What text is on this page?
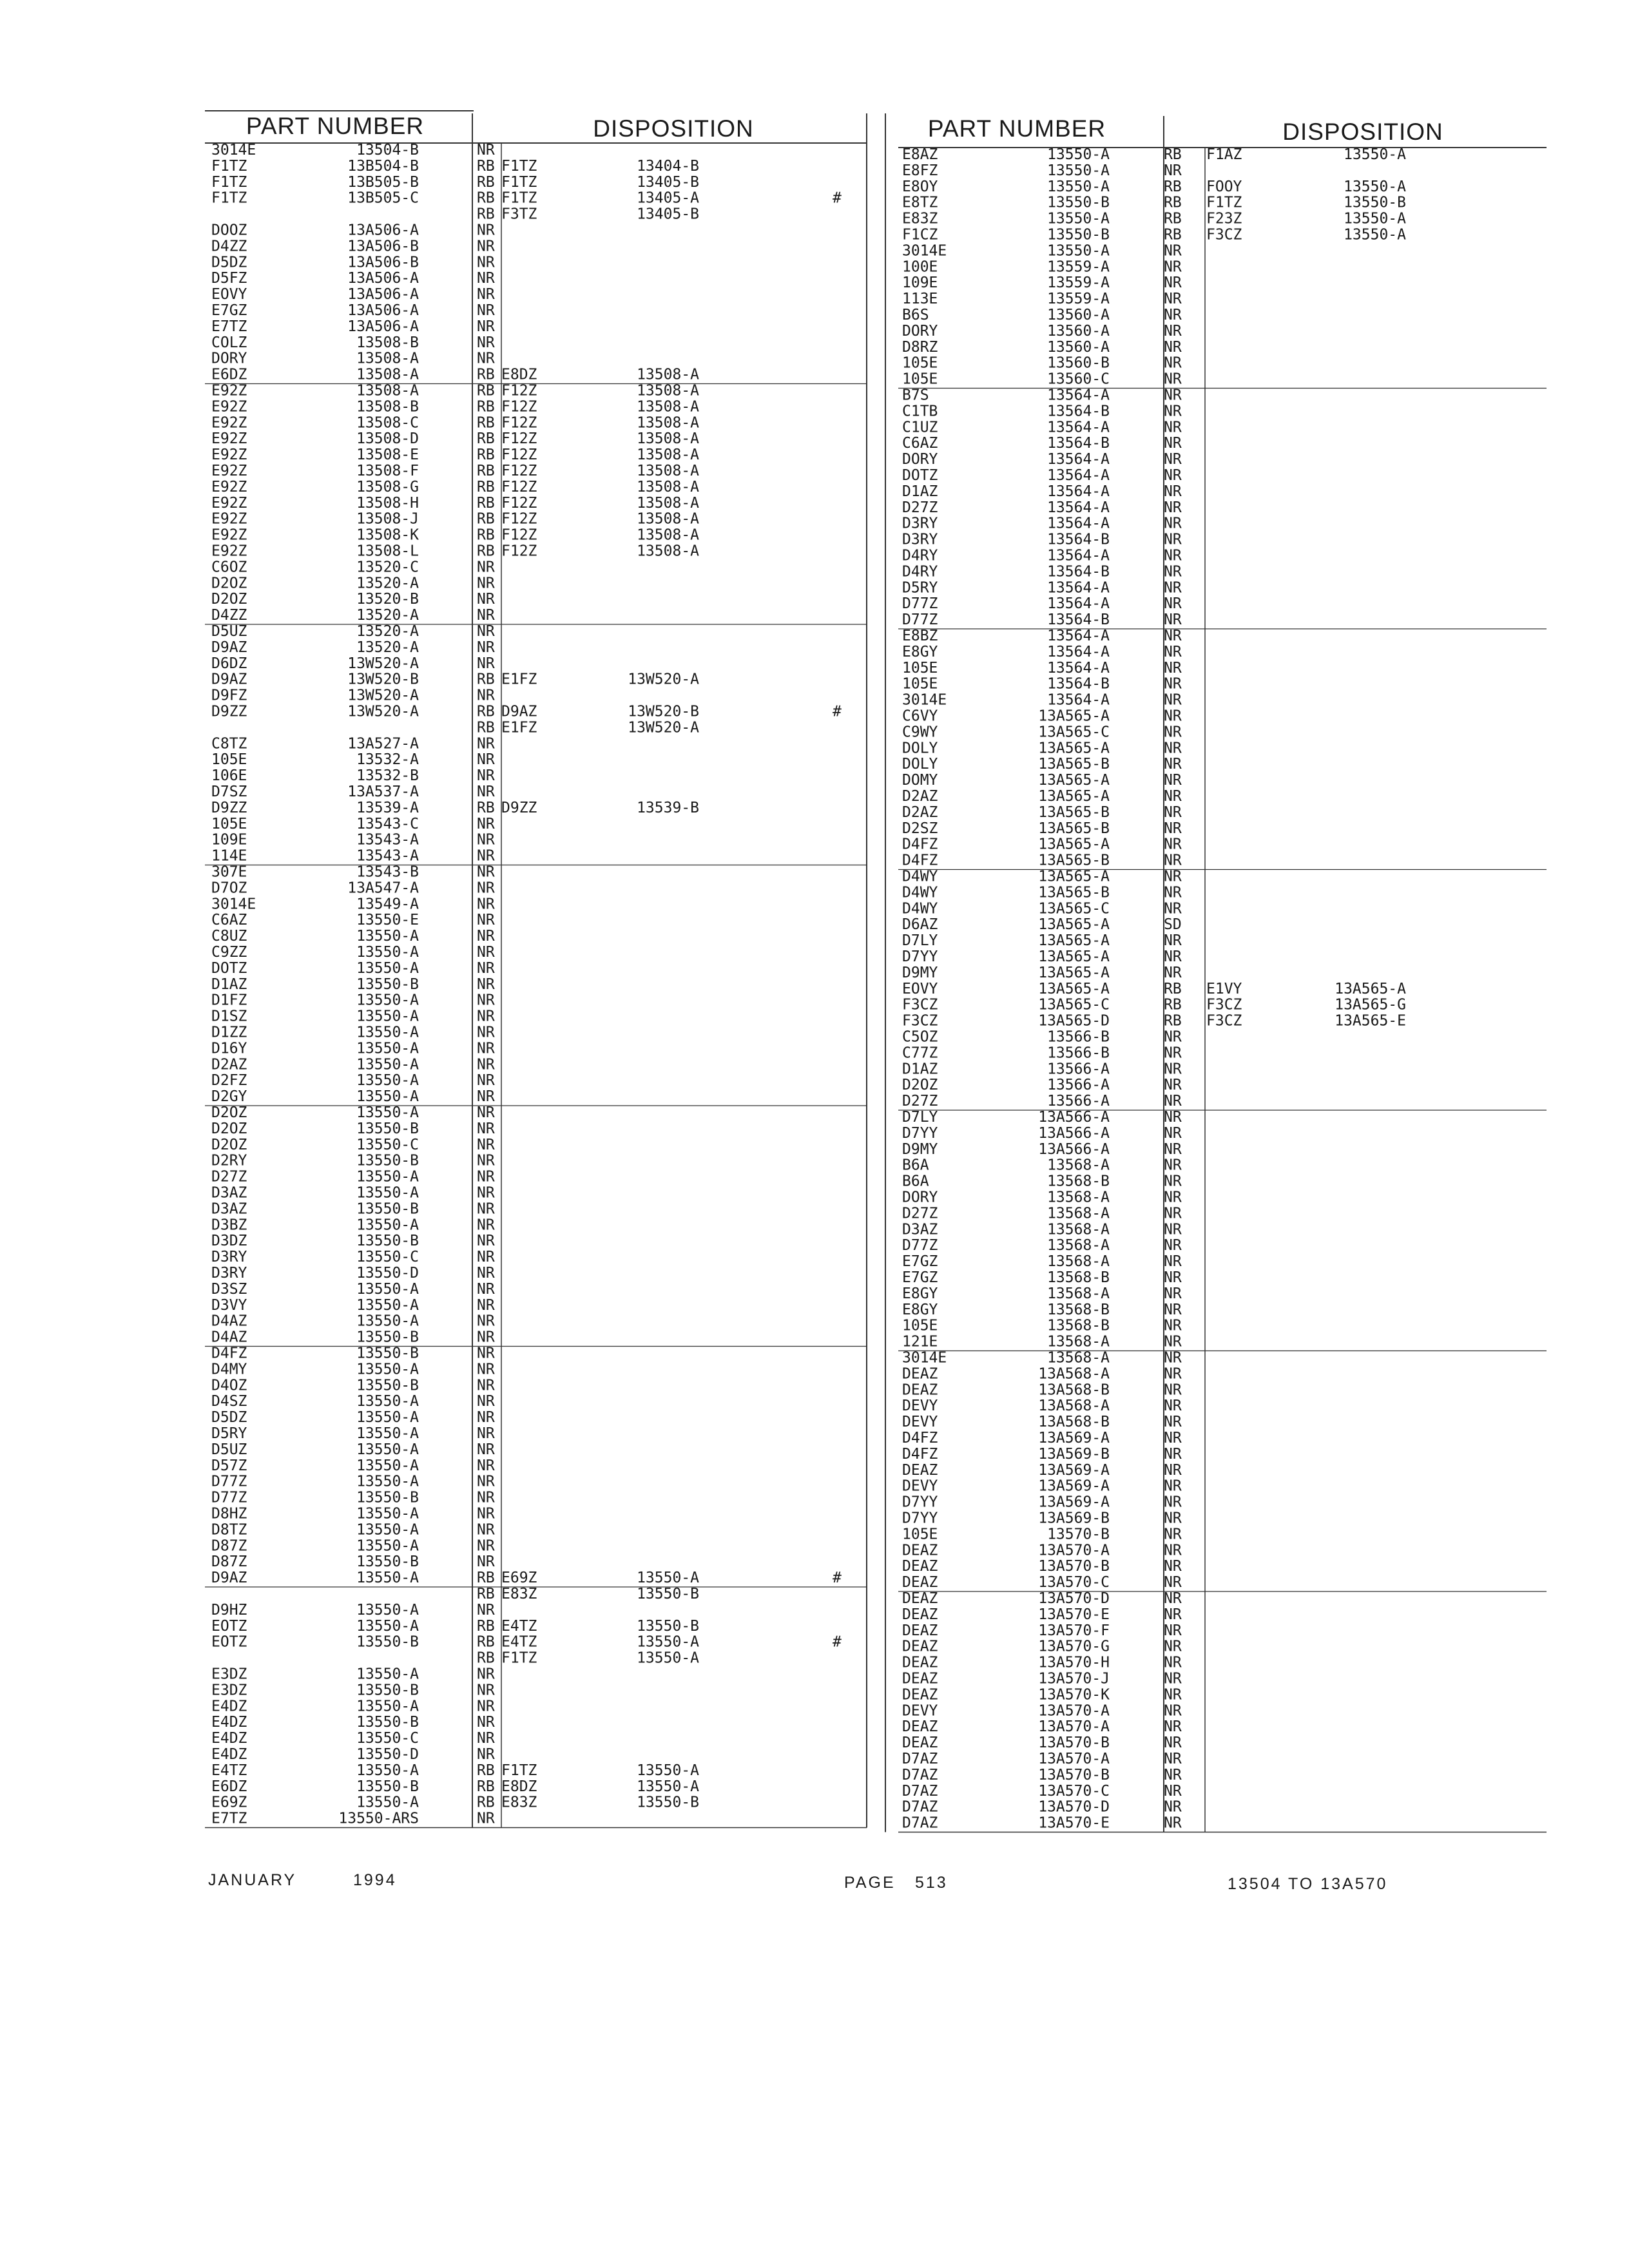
PART NUMBER	DISPOSITION	PART NUMBER	DISPOSITION
3014E	13504-B	NR
F1TZ	13B504-B	RB F1TZ	13404-B
F1TZ	13B505-B	RB F1TZ	13405-B
F1TZ	13B505-C	RB F1TZ	13405-A	#
RB F3TZ	13405-B
DOOZ	13A506-A	NR
D4ZZ	13A506-B	NR
D5DZ	13A506-B	NR
D5FZ	13A506-A	NR
EOVY	13A506-A	NR
E7GZ	13A506-A	NR
E7TZ	13A506-A	NR
COLZ	13508-B	NR
DORY	13508-A	NR
E6DZ	13508-A	RB E8DZ	13508-A
E92Z	13508-A	RB F12Z	13508-A
E92Z	13508-B	RB F12Z	13508-A
E92Z	13508-C	RB F12Z	13508-A
E92Z	13508-D	RB F12Z	13508-A
E92Z	13508-E	RB F12Z	13508-A
E92Z	13508-F	RB F12Z	13508-A
E92Z	13508-G	RB F12Z	13508-A
E92Z	13508-H	RB F12Z	13508-A
E92Z	13508-J	RB F12Z	13508-A
E92Z	13508-K	RB F12Z	13508-A
E92Z	13508-L	RB F12Z	13508-A
C6OZ	13520-C	NR
D2OZ	13520-A	NR
D2OZ	13520-B	NR
D4ZZ	13520-A	NR
D5UZ	13520-A	NR
D9AZ	13520-A	NR
D6DZ	13W520-A	NR
D9AZ	13W520-B	RB E1FZ	13W520-A
D9FZ	13W520-A	NR
D9ZZ	13W520-A	RB D9AZ	13W520-B	#
RB E1FZ	13W520-A
C8TZ	13A527-A	NR
105E	13532-A	NR
106E	13532-B	NR
D7SZ	13A537-A	NR
D9ZZ	13539-A	RB D9ZZ	13539-B
105E	13543-C	NR
109E	13543-A	NR
114E	13543-A	NR
307E	13543-B	NR
D7OZ	13A547-A	NR
3014E	13549-A	NR
C6AZ	13550-E	NR
C8UZ	13550-A	NR
C9ZZ	13550-A	NR
DOTZ	13550-A	NR
D1AZ	13550-B	NR
D1FZ	13550-A	NR
D1SZ	13550-A	NR
D1ZZ	13550-A	NR
D16Y	13550-A	NR
D2AZ	13550-A	NR
D2FZ	13550-A	NR
D2GY	13550-A	NR
D2OZ	13550-A	NR
D2OZ	13550-B	NR
D2OZ	13550-C	NR
D2RY	13550-B	NR
D27Z	13550-A	NR
D3AZ	13550-A	NR
D3AZ	13550-B	NR
D3BZ	13550-A	NR
D3DZ	13550-B	NR
D3RY	13550-C	NR
D3RY	13550-D	NR
D3SZ	13550-A	NR
D3VY	13550-A	NR
D4AZ	13550-A	NR
D4AZ	13550-B	NR
D4FZ	13550-B	NR
D4MY	13550-A	NR
D4OZ	13550-B	NR
D4SZ	13550-A	NR
D5DZ	13550-A	NR
D5RY	13550-A	NR
D5UZ	13550-A	NR
D57Z	13550-A	NR
D77Z	13550-A	NR
D77Z	13550-B	NR
D8HZ	13550-A	NR
D8TZ	13550-A	NR
D87Z	13550-A	NR
D87Z	13550-B	NR
D9AZ	13550-A	RB E69Z	13550-A	#
RB E83Z	13550-B
D9HZ	13550-A	NR
EOTZ	13550-A	RB E4TZ	13550-B
EOTZ	13550-B	RB E4TZ	13550-A	#
RB F1TZ	13550-A
E3DZ	13550-A	NR
E3DZ	13550-B	NR
E4DZ	13550-A	NR
E4DZ	13550-B	NR
E4DZ	13550-C	NR
E4DZ	13550-D	NR
E4TZ	13550-A	RB F1TZ	13550-A
E6DZ	13550-B	RB E8DZ	13550-A
E69Z	13550-A	RB E83Z	13550-B
E7TZ	13550-ARS	NR
E8AZ	13550-A	RB F1AZ	13550-A
E8FZ	13550-A	NR
E8OY	13550-A	RB FOOY	13550-A
E8TZ	13550-B	RB F1TZ	13550-B
E83Z	13550-A	RB F23Z	13550-A
F1CZ	13550-B	RB F3CZ	13550-A
3014E	13550-A	NR
100E	13559-A	NR
109E	13559-A	NR
113E	13559-A	NR
B6S	13560-A	NR
DORY	13560-A	NR
D8RZ	13560-A	NR
105E	13560-B	NR
105E	13560-C	NR
B7S	13564-A	NR
C1TB	13564-B	NR
C1UZ	13564-A	NR
C6AZ	13564-B	NR
DORY	13564-A	NR
DOTZ	13564-A	NR
D1AZ	13564-A	NR
D27Z	13564-A	NR
D3RY	13564-A	NR
D3RY	13564-B	NR
D4RY	13564-A	NR
D4RY	13564-B	NR
D5RY	13564-A	NR
D77Z	13564-A	NR
D77Z	13564-B	NR
E8BZ	13564-A	NR
E8GY	13564-A	NR
105E	13564-A	NR
105E	13564-B	NR
3014E	13564-A	NR
C6VY	13A565-A	NR
C9WY	13A565-C	NR
DOLY	13A565-A	NR
DOLY	13A565-B	NR
DOMY	13A565-A	NR
D2AZ	13A565-A	NR
D2AZ	13A565-B	NR
D2SZ	13A565-B	NR
D4FZ	13A565-A	NR
D4FZ	13A565-B	NR
D4WY	13A565-A	NR
D4WY	13A565-B	NR
D4WY	13A565-C	NR
D6AZ	13A565-A	SD
D7LY	13A565-A	NR
D7YY	13A565-A	NR
D9MY	13A565-A	NR
EOVY	13A565-A	RB E1VY	13A565-A
F3CZ	13A565-C	RB F3CZ	13A565-G
F3CZ	13A565-D	RB F3CZ	13A565-E
C5OZ	13566-B	NR
C77Z	13566-B	NR
D1AZ	13566-A	NR
D2OZ	13566-A	NR
D27Z	13566-A	NR
D7LY	13A566-A	NR
D7YY	13A566-A	NR
D9MY	13A566-A	NR
B6A	13568-A	NR
B6A	13568-B	NR
DORY	13568-A	NR
D27Z	13568-A	NR
D3AZ	13568-A	NR
D77Z	13568-A	NR
E7GZ	13568-A	NR
E7GZ	13568-B	NR
E8GY	13568-A	NR
E8GY	13568-B	NR
105E	13568-B	NR
121E	13568-A	NR
3014E	13568-A	NR
DEAZ	13A568-A	NR
DEAZ	13A568-B	NR
DEVY	13A568-A	NR
DEVY	13A568-B	NR
D4FZ	13A569-A	NR
D4FZ	13A569-B	NR
DEAZ	13A569-A	NR
DEVY	13A569-A	NR
D7YY	13A569-A	NR
D7YY	13A569-B	NR
105E	13570-B	NR
DEAZ	13A570-A	NR
DEAZ	13A570-B	NR
DEAZ	13A570-C	NR
DEAZ	13A570-D	NR
DEAZ	13A570-E	NR
DEAZ	13A570-F	NR
DEAZ	13A570-G	NR
DEAZ	13A570-H	NR
DEAZ	13A570-J	NR
DEAZ	13A570-K	NR
DEVY	13A570-A	NR
DEAZ	13A570-A	NR
DEAZ	13A570-B	NR
D7AZ	13A570-A	NR
D7AZ	13A570-B	NR
D7AZ	13A570-C	NR
D7AZ	13A570-D	NR
D7AZ	13A570-E	NR
JANUARY	1994	PAGE 513	13504 TO 13A570
